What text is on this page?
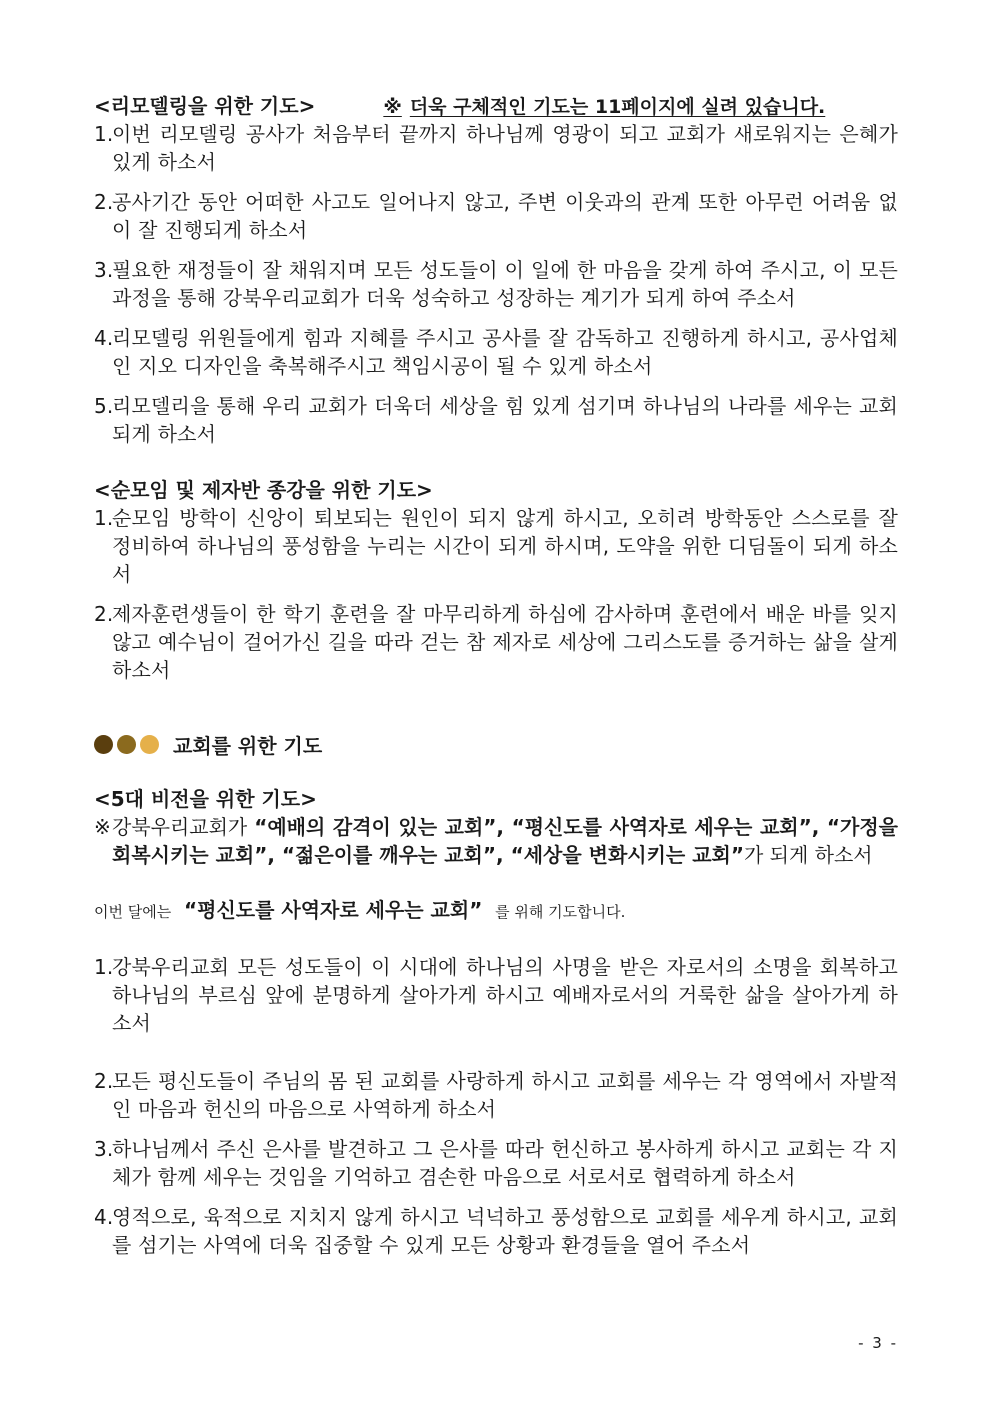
<리모델링을 위한 기도>	※ 더욱 구체적인 기도는 11페이지에 실려 있습니다.
1.
이번 리모델링 공사가 처음부터 끝까지 하나님께 영광이 되고 교회가 새로워지는 은혜가 있게 하소서
2.
공사기간 동안 어떠한 사고도 일어나지 않고, 주변 이웃과의 관계 또한 아무런 어려움 없이 잘 진행되게 하소서
3.
필요한 재정들이 잘 채워지며 모든 성도들이 이 일에 한 마음을 갖게 하여 주시고, 이 모든 과정을 통해 강북우리교회가 더욱 성숙하고 성장하는 계기가 되게 하여 주소서
4.
리모델링 위원들에게 힘과 지혜를 주시고 공사를 잘 감독하고 진행하게 하시고, 공사업체인 지오 디자인을 축복해주시고 책임시공이 될 수 있게 하소서
5.
리모델리을 통해 우리 교회가 더욱더 세상을 힘 있게 섬기며 하나님의 나라를 세우는 교회되게 하소서
<순모임 및 제자반 종강을 위한 기도>
1.
순모임 방학이 신앙이 퇴보되는 원인이 되지 않게 하시고, 오히려 방학동안 스스로를 잘 정비하여 하나님의 풍성함을 누리는 시간이 되게 하시며, 도약을 위한 디딤돌이 되게 하소서
2.
제자훈련생들이 한 학기 훈련을 잘 마무리하게 하심에 감사하며 훈련에서 배운 바를 잊지 않고 예수님이 걸어가신 길을 따라 걷는 참 제자로 세상에 그리스도를 증거하는 삶을 살게 하소서
교회를 위한 기도
<5대 비전을 위한 기도>

※ 강북우리교회가 “예배의 감격이 있는 교회”, “평신도를 사역자로 세우는 교회”, “가정을 회복시키는 교회”, “젊은이를 깨우는 교회”, “세상을 변화시키는 교회”가 되게 하소서

이번 달에는 “평신도를 사역자로 세우는 교회” 를 위해 기도합니다.
1.
강북우리교회 모든 성도들이 이 시대에 하나님의 사명을 받은 자로서의 소명을 회복하고 하나님의 부르심 앞에 분명하게 살아가게 하시고 예배자로서의 거룩한 삶을 살아가게 하소서
2.
모든 평신도들이 주님의 몸 된 교회를 사랑하게 하시고 교회를 세우는 각 영역에서 자발적인 마음과 헌신의 마음으로 사역하게 하소서
3.
하나님께서 주신 은사를 발견하고 그 은사를 따라 헌신하고 봉사하게 하시고 교회는 각 지체가 함께 세우는 것임을 기억하고 겸손한 마음으로 서로서로 협력하게 하소서
4.
영적으로, 육적으로 지치지 않게 하시고 넉넉하고 풍성함으로 교회를 세우게 하시고, 교회를 섬기는 사역에 더욱 집중할 수 있게 모든 상황과 환경들을 열어 주소서
- 3 -
